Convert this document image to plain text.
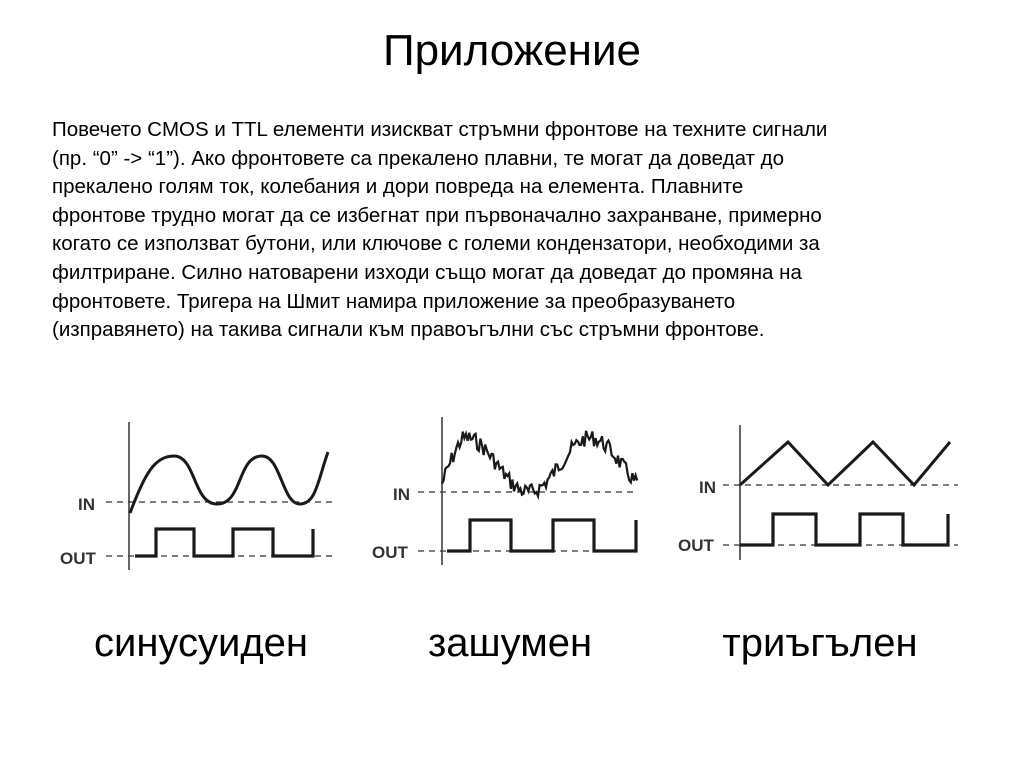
Приложение

Повечето CMOS и TTL елементи изискват стръмни фронтове на техните сигнали
(пр. “0” -> “1”). Ако фронтовете са прекалено плавни, те могат да доведат до
прекалено голям ток, колебания и дори повреда на елемента. Плавните
фронтове трудно могат да се избегнат при първоначално захранване, примерно
когато се използват бутони, или ключове с големи кондензатори, необходими за
филтриране. Силно натоварени изходи също могат да доведат до промяна на
фронтовете. Тригера на Шмит намира приложение за преобразуването
(изправянето) на такива сигнали към правоъгълни със стръмни фронтове.

IN
OUT
IN
OUT
IN
OUT
синусуиден	зашумен	триъгълен
